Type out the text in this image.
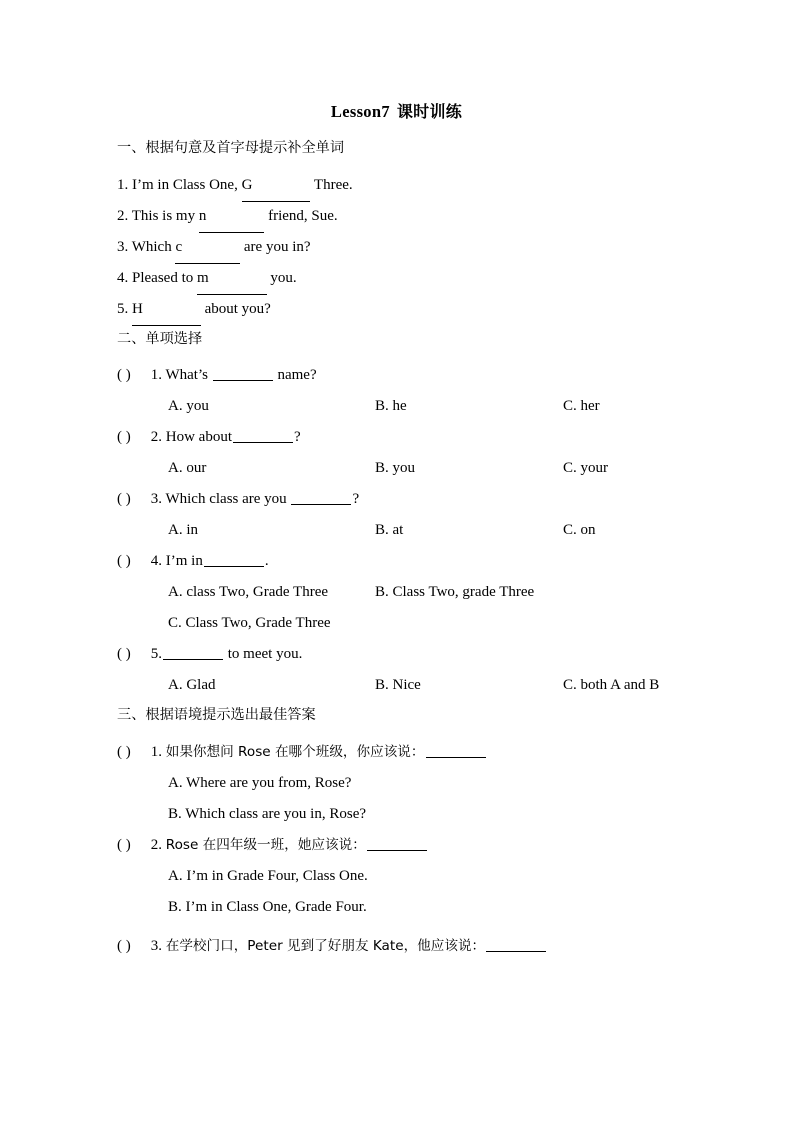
Lesson7 课时训练
一、根据句意及首字母提示补全单词
1. I’m in Class One, G	Three.
2. This is my n	friend, Sue.
3. Which c	are you in?
4. Pleased to m	you.
5. H	about you?
二、单项选择
( ) 1. What’s	name?
A. you	B. he	C. her
( ) 2. How about	?
A. our	B. you	C. your
( ) 3. Which class are you	?
A. in	B. at	C. on
( ) 4. I’m in	.
A. class Two, Grade Three	B. Class Two, grade Three
C. Class Two, Grade Three
( ) 5.	to meet you.
A. Glad	B. Nice	C. both A and B
三、根据语境提示选出最佳答案
( ) 1. 如果你想问 Rose 在哪个班级，你应该说：
A. Where are you from, Rose?
B. Which class are you in, Rose?
( ) 2. Rose 在四年级一班，她应该说：
A. I’m in Grade Four, Class One.
B. I’m in Class One, Grade Four.
( ) 3. 在学校门口，Peter 见到了好朋友 Kate，他应该说：
